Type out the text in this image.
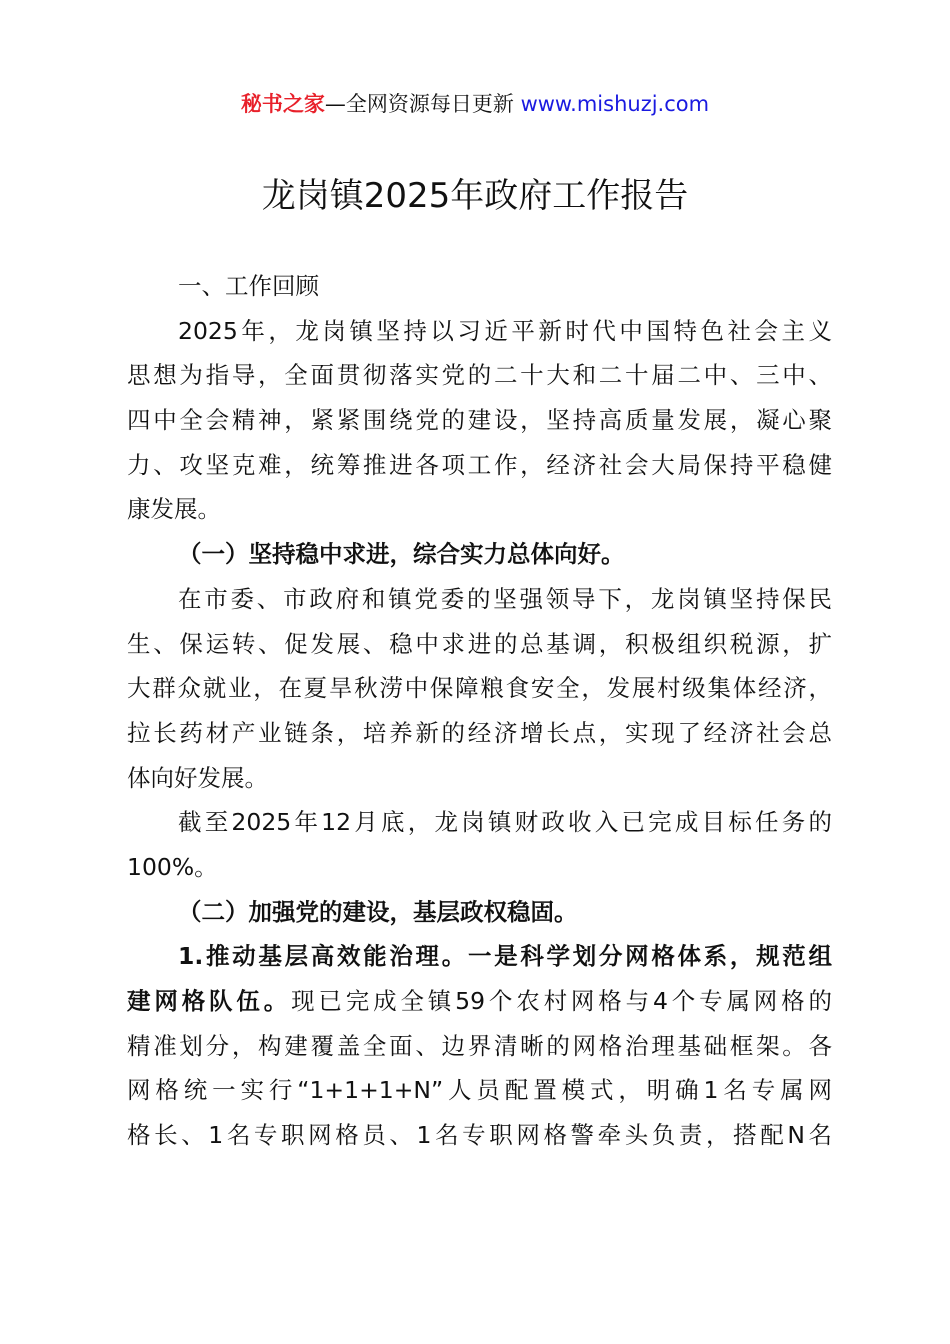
秘书之家—全网资源每日更新 www.mishuzj.com
龙岗镇2025年政府工作报告
一、工作回顾
2025年，龙岗镇坚持以习近平新时代中国特色社会主义
思想为指导，全面贯彻落实党的二十大和二十届二中、三中、
四中全会精神，紧紧围绕党的建设，坚持高质量发展，凝心聚
力、攻坚克难，统筹推进各项工作，经济社会大局保持平稳健
康发展。
（一）坚持稳中求进，综合实力总体向好。
在市委、市政府和镇党委的坚强领导下，龙岗镇坚持保民
生、保运转、促发展、稳中求进的总基调，积极组织税源，扩
大群众就业，在夏旱秋涝中保障粮食安全，发展村级集体经济，
拉长药材产业链条，培养新的经济增长点，实现了经济社会总
体向好发展。
截至2025年12月底，龙岗镇财政收入已完成目标任务的
100%。
（二）加强党的建设，基层政权稳固。
1.推动基层高效能治理。一是科学划分网格体系，规范组
建网格队伍。现已完成全镇59个农村网格与4个专属网格的
精准划分，构建覆盖全面、边界清晰的网格治理基础框架。各
网格统一实行“1+1+1+N”人员配置模式，明确1名专属网
格长、1名专职网格员、1名专职网格警牵头负责，搭配N名
